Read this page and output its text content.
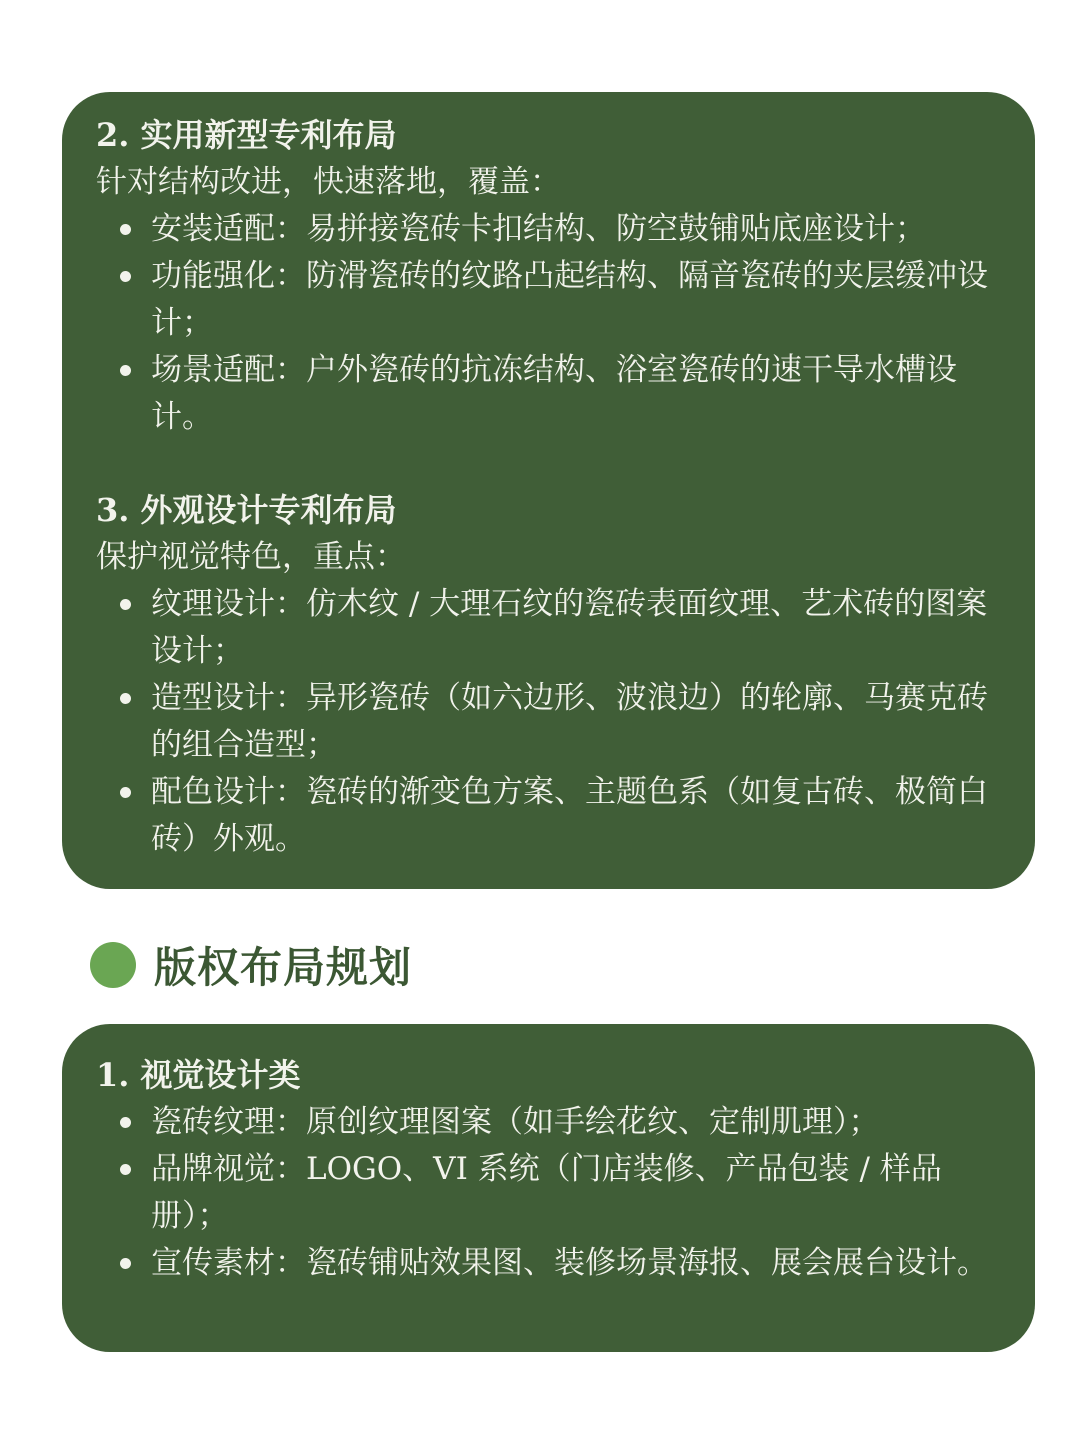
2. 实用新型专利布局

针对结构改进，快速落地，覆盖：

安装适配：易拼接瓷砖卡扣结构、防空鼓铺贴底座设计；
功能强化：防滑瓷砖的纹路凸起结构、隔音瓷砖的夹层缓冲设计；
场景适配：户外瓷砖的抗冻结构、浴室瓷砖的速干导水槽设计。

3. 外观设计专利布局

保护视觉特色，重点：

纹理设计：仿木纹 / 大理石纹的瓷砖表面纹理、艺术砖的图案设计；
造型设计：异形瓷砖（如六边形、波浪边）的轮廓、马赛克砖的组合造型；
配色设计：瓷砖的渐变色方案、主题色系（如复古砖、极简白砖）外观。
版权布局规划

1. 视觉设计类

瓷砖纹理：原创纹理图案（如手绘花纹、定制肌理）；
品牌视觉：LOGO、VI 系统（门店装修、产品包装 / 样品册）；
宣传素材：瓷砖铺贴效果图、装修场景海报、展会展台设计。
